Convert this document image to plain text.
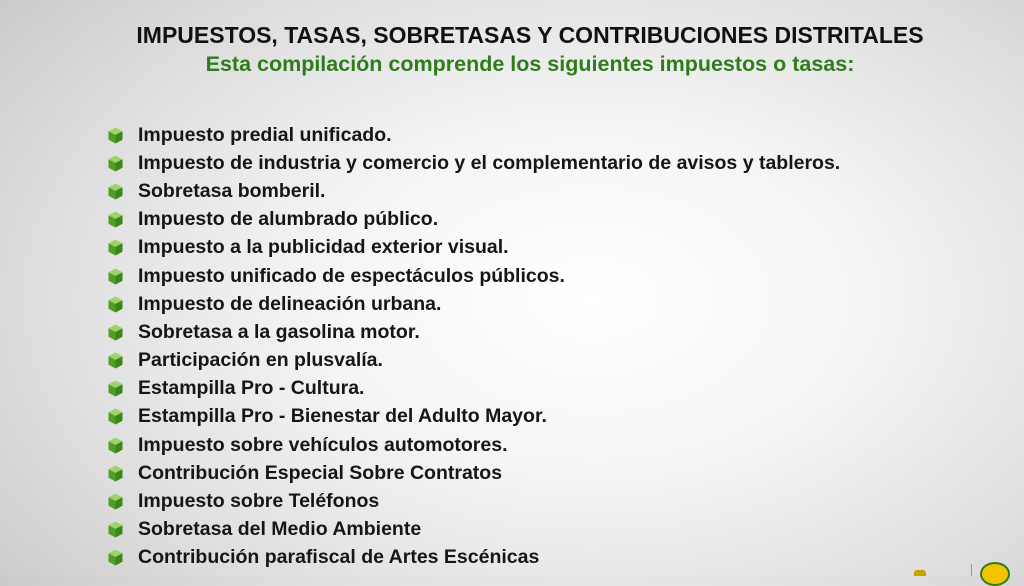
IMPUESTOS, TASAS, SOBRETASAS Y CONTRIBUCIONES DISTRITALES
Esta compilación comprende los siguientes impuestos o tasas:
Impuesto predial unificado.
Impuesto de industria y comercio y el complementario de avisos y tableros.
Sobretasa bomberil.
Impuesto de alumbrado público.
Impuesto a la publicidad exterior visual.
Impuesto unificado de espectáculos públicos.
Impuesto de delineación urbana.
Sobretasa a la gasolina motor.
Participación en plusvalía.
Estampilla Pro - Cultura.
Estampilla Pro - Bienestar del Adulto Mayor.
Impuesto sobre vehículos automotores.
Contribución Especial Sobre Contratos
Impuesto sobre Teléfonos
Sobretasa del Medio Ambiente
Contribución parafiscal de Artes Escénicas
